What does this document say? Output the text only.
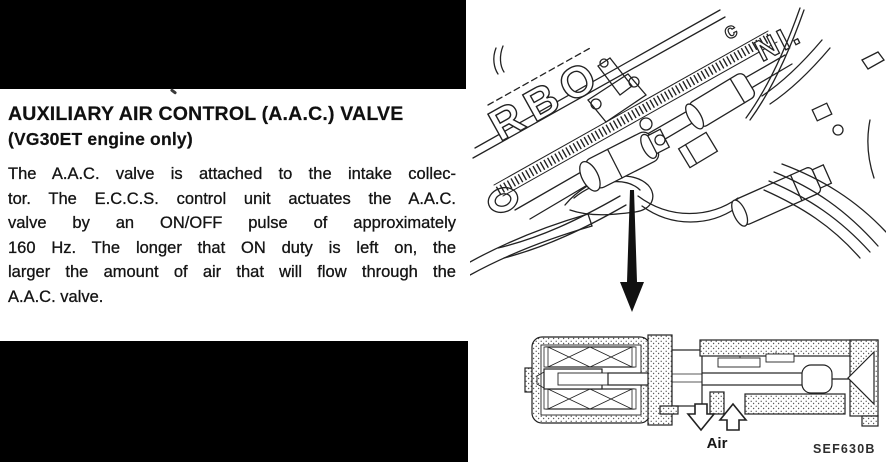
AUXILIARY AIR CONTROL (A.A.C.) VALVE
(VG30ET engine only)
The A.A.C. valve is attached to the intake collec-
tor. The E.C.C.S. control unit actuates the A.A.C.
valve by an ON/OFF pulse of approximately
160 Hz. The longer that ON duty is left on, the
larger the amount of air that will flow through the
A.A.C. valve.
RBO
c NI.
Air	SEF630B
